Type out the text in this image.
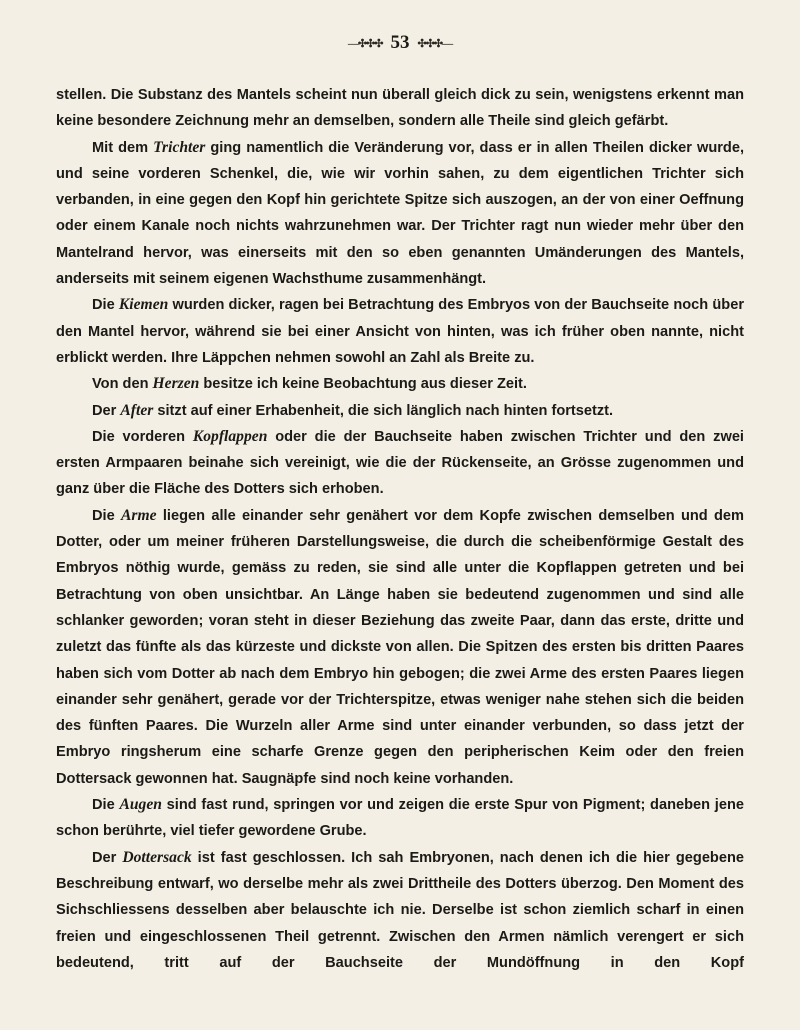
—✣✣✣ 53 ✣✣✣—

stellen. Die Substanz des Mantels scheint nun überall gleich dick zu sein, wenigstens erkennt man keine besondere Zeichnung mehr an demselben, sondern alle Theile sind gleich gefärbt.

Mit dem Trichter ging namentlich die Veränderung vor, dass er in allen Theilen dicker wurde, und seine vorderen Schenkel, die, wie wir vorhin sahen, zu dem eigentlichen Trichter sich verbanden, in eine gegen den Kopf hin gerichtete Spitze sich auszogen, an der von einer Oeffnung oder einem Kanale noch nichts wahrzunehmen war. Der Trichter ragt nun wieder mehr über den Mantelrand hervor, was einerseits mit den so eben genannten Umänderungen des Mantels, anderseits mit seinem eigenen Wachsthume zusammenhängt.

Die Kiemen wurden dicker, ragen bei Betrachtung des Embryos von der Bauchseite noch über den Mantel hervor, während sie bei einer Ansicht von hinten, was ich früher oben nannte, nicht erblickt werden. Ihre Läppchen nehmen sowohl an Zahl als Breite zu.

Von den Herzen besitze ich keine Beobachtung aus dieser Zeit.

Der After sitzt auf einer Erhabenheit, die sich länglich nach hinten fortsetzt.

Die vorderen Kopflappen oder die der Bauchseite haben zwischen Trichter und den zwei ersten Armpaaren beinahe sich vereinigt, wie die der Rückenseite, an Grösse zugenommen und ganz über die Fläche des Dotters sich erhoben.

Die Arme liegen alle einander sehr genähert vor dem Kopfe zwischen demselben und dem Dotter, oder um meiner früheren Darstellungsweise, die durch die scheibenförmige Gestalt des Embryos nöthig wurde, gemäss zu reden, sie sind alle unter die Kopflappen getreten und bei Betrachtung von oben unsichtbar. An Länge haben sie bedeutend zugenommen und sind alle schlanker geworden; voran steht in dieser Beziehung das zweite Paar, dann das erste, dritte und zuletzt das fünfte als das kürzeste und dickste von allen. Die Spitzen des ersten bis dritten Paares haben sich vom Dotter ab nach dem Embryo hin gebogen; die zwei Arme des ersten Paares liegen einander sehr genähert, gerade vor der Trichterspitze, etwas weniger nahe stehen sich die beiden des fünften Paares. Die Wurzeln aller Arme sind unter einander verbunden, so dass jetzt der Embryo ringsherum eine scharfe Grenze gegen den peripherischen Keim oder den freien Dottersack gewonnen hat. Saugnäpfe sind noch keine vorhanden.

Die Augen sind fast rund, springen vor und zeigen die erste Spur von Pigment; daneben jene schon berührte, viel tiefer gewordene Grube.

Der Dottersack ist fast geschlossen. Ich sah Embryonen, nach denen ich die hier gegebene Beschreibung entwarf, wo derselbe mehr als zwei Drittheile des Dotters überzog. Den Moment des Sichschliessens desselben aber belauschte ich nie. Derselbe ist schon ziemlich scharf in einen freien und eingeschlossenen Theil getrennt. Zwischen den Armen nämlich verengert er sich bedeutend, tritt auf der Bauchseite der Mundöffnung in den Kopf
